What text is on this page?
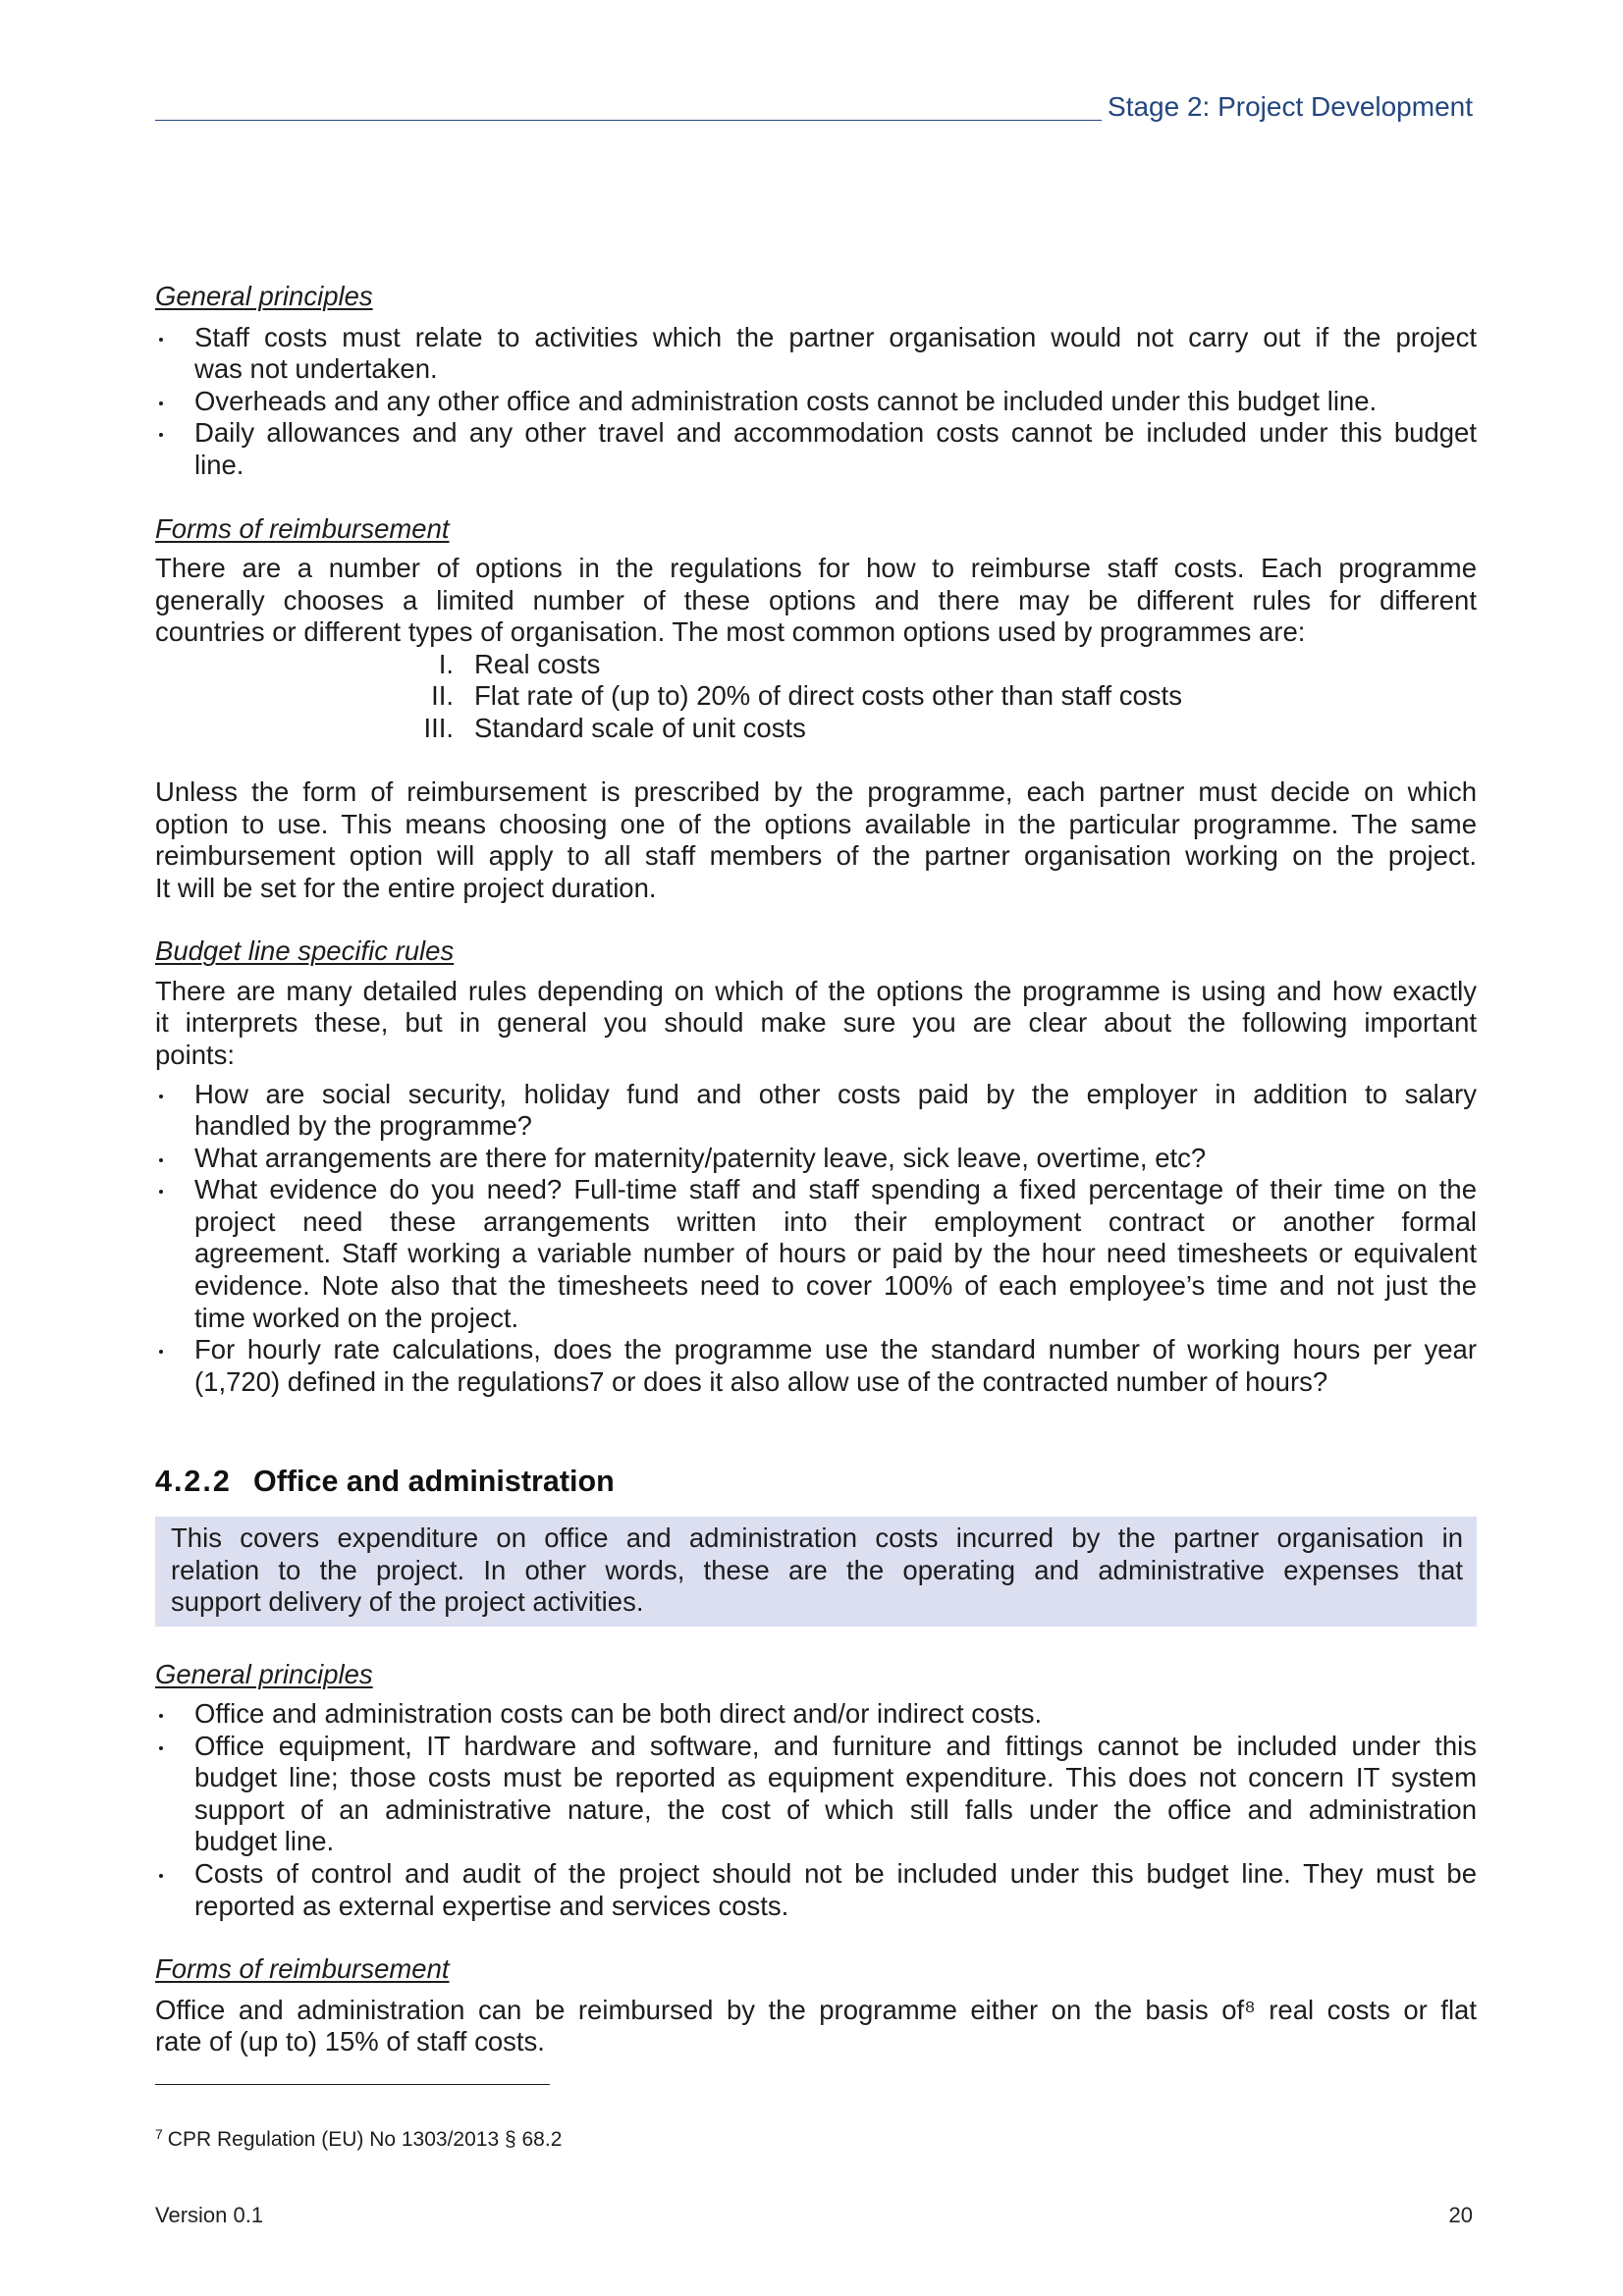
Stage 2: Project Development
General principles
Staff costs must relate to activities which the partner organisation would not carry out if the project
was not undertaken.
Overheads and any other office and administration costs cannot be included under this budget line.
Daily allowances and any other travel and accommodation costs cannot be included under this budget
line.
Forms of reimbursement
There are a number of options in the regulations for how to reimburse staff costs. Each programme
generally chooses a limited number of these options and there may be different rules for different
countries or different types of organisation. The most common options used by programmes are:
I. Real costs
II. Flat rate of (up to) 20% of direct costs other than staff costs
III. Standard scale of unit costs
Unless the form of reimbursement is prescribed by the programme, each partner must decide on which
option to use. This means choosing one of the options available in the particular programme. The same
reimbursement option will apply to all staff members of the partner organisation working on the project.
It will be set for the entire project duration.
Budget line specific rules
There are many detailed rules depending on which of the options the programme is using and how exactly
it interprets these, but in general you should make sure you are clear about the following important
points:
How are social security, holiday fund and other costs paid by the employer in addition to salary
handled by the programme?
What arrangements are there for maternity/paternity leave, sick leave, overtime, etc?
What evidence do you need? Full-time staff and staff spending a fixed percentage of their time on the
project need these arrangements written into their employment contract or another formal
agreement. Staff working a variable number of hours or paid by the hour need timesheets or equivalent
evidence. Note also that the timesheets need to cover 100% of each employee’s time and not just the
time worked on the project.
For hourly rate calculations, does the programme use the standard number of working hours per year
(1,720) defined in the regulations7 or does it also allow use of the contracted number of hours?
4.2.2 Office and administration
This covers expenditure on office and administration costs incurred by the partner organisation in
relation to the project. In other words, these are the operating and administrative expenses that
support delivery of the project activities.
General principles
Office and administration costs can be both direct and/or indirect costs.
Office equipment, IT hardware and software, and furniture and fittings cannot be included under this
budget line; those costs must be reported as equipment expenditure. This does not concern IT system
support of an administrative nature, the cost of which still falls under the office and administration
budget line.
Costs of control and audit of the project should not be included under this budget line. They must be
reported as external expertise and services costs.
Forms of reimbursement
Office and administration can be reimbursed by the programme either on the basis of⁸ real costs or flat
rate of (up to) 15% of staff costs.
$^7$ CPR Regulation (EU) No 1303/2013 § 68.2
Version 0.1	20
